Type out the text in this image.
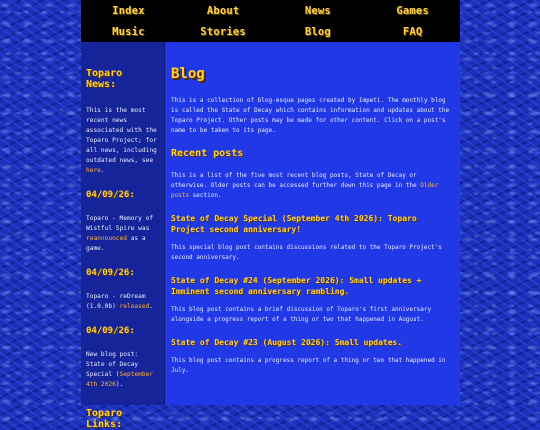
Index	About	News	Games
Music	Stories	Blog	FAQ
Toparo News:

This is the most recent news associated with the Toparo Project; for all news, including outdated news, see here.

04/09/26:

Toparo - Memory of Wistful Spire was reannounced as a game.

04/09/26:

Toparo - reDream (1.0.0b) released.

04/09/26:

New blog post: State of Decay Special (September 4th 2026).

Toparo Links:
Blog

This is a collection of blog-esque pages created by Impeti. The monthly blog is called the State of Decay which contains information and updates about the Toparo Project. Other posts may be made for other content. Click on a post's name to be taken to its page.

Recent posts

This is a list of the five most recent blog posts, State of Decay or otherwise. Older posts can be accessed further down this page in the Older posts section.

State of Decay Special (September 4th 2026): Toparo Project second anniversary!

This special blog post contains discussions related to the Toparo Project's second anniversary.

State of Decay #24 (September 2026): Small updates + Imminent second anniversary rambling.

This blog post contains a brief discussion of Toparo's first anniversary alongside a progress report of a thing or two that happened in August.

State of Decay #23 (August 2026): Small updates.

This blog post contains a progress report of a thing or two that happened in July.
